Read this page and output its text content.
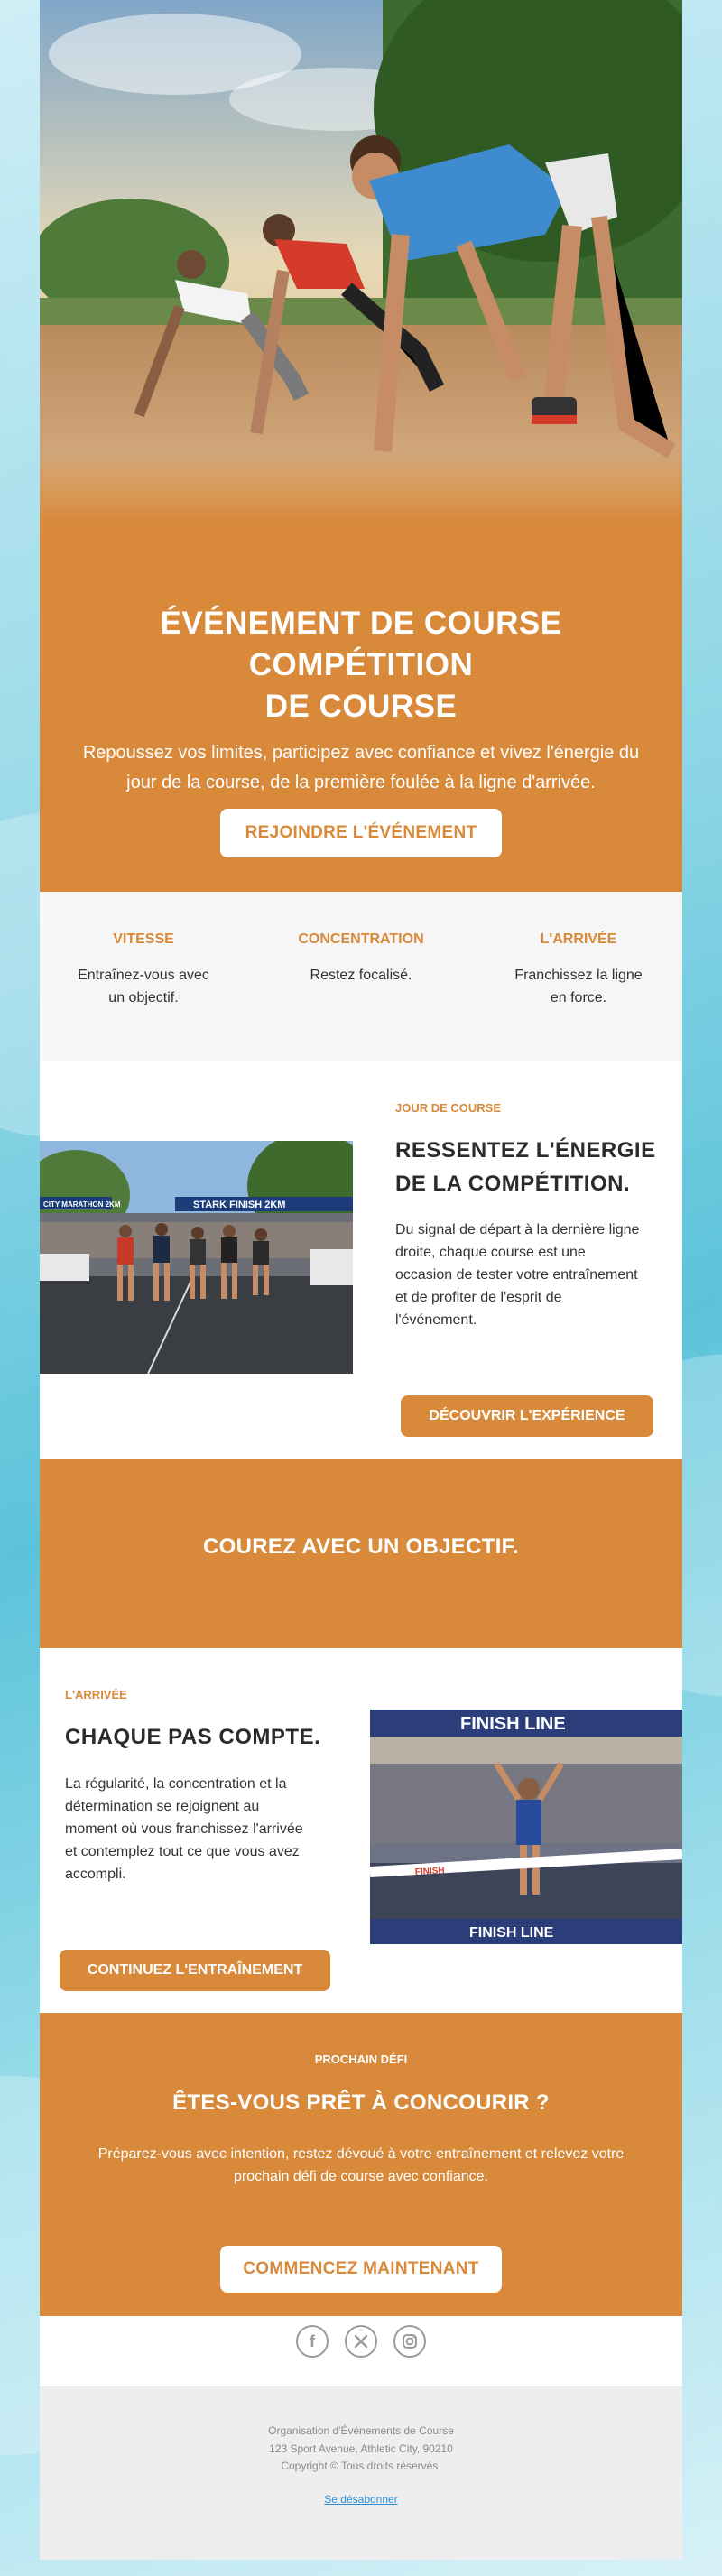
ÉVÉNEMENT DE COURSE
COMPÉTITION
DE COURSE
Repoussez vos limites, participez avec confiance et vivez l'énergie du
jour de la course, de la première foulée à la ligne d'arrivée.
REJOINDRE L'ÉVÉNEMENT
VITESSE
Entraînez-vous avec
un objectif.
CONCENTRATION
Restez focalisé.
L'ARRIVÉE
Franchissez la ligne
en force.
CITY MARATHON 2KM	STARK FINISH 2KM
JOUR DE COURSE
RESSENTEZ L'ÉNERGIE
DE LA COMPÉTITION.
Du signal de départ à la dernière ligne
droite, chaque course est une
occasion de tester votre entraînement
et de profiter de l'esprit de
l'événement.
DÉCOUVRIR L'EXPÉRIENCE
COUREZ AVEC UN OBJECTIF.
L'ARRIVÉE
CHAQUE PAS COMPTE.
La régularité, la concentration et la
détermination se rejoignent au
moment où vous franchissez l'arrivée
et contemplez tout ce que vous avez
accompli.
CONTINUEZ L'ENTRAÎNEMENT
FINISH LINE
FINISH
FINISH LINE
PROCHAIN DÉFI
ÊTES-VOUS PRÊT À CONCOURIR ?
Préparez-vous avec intention, restez dévoué à votre entraînement et relevez votre
prochain défi de course avec confiance.
COMMENCEZ MAINTENANT
f
Organisation d'Événements de Course
123 Sport Avenue, Athletic City, 90210
Copyright © Tous droits réservés.
Se désabonner
